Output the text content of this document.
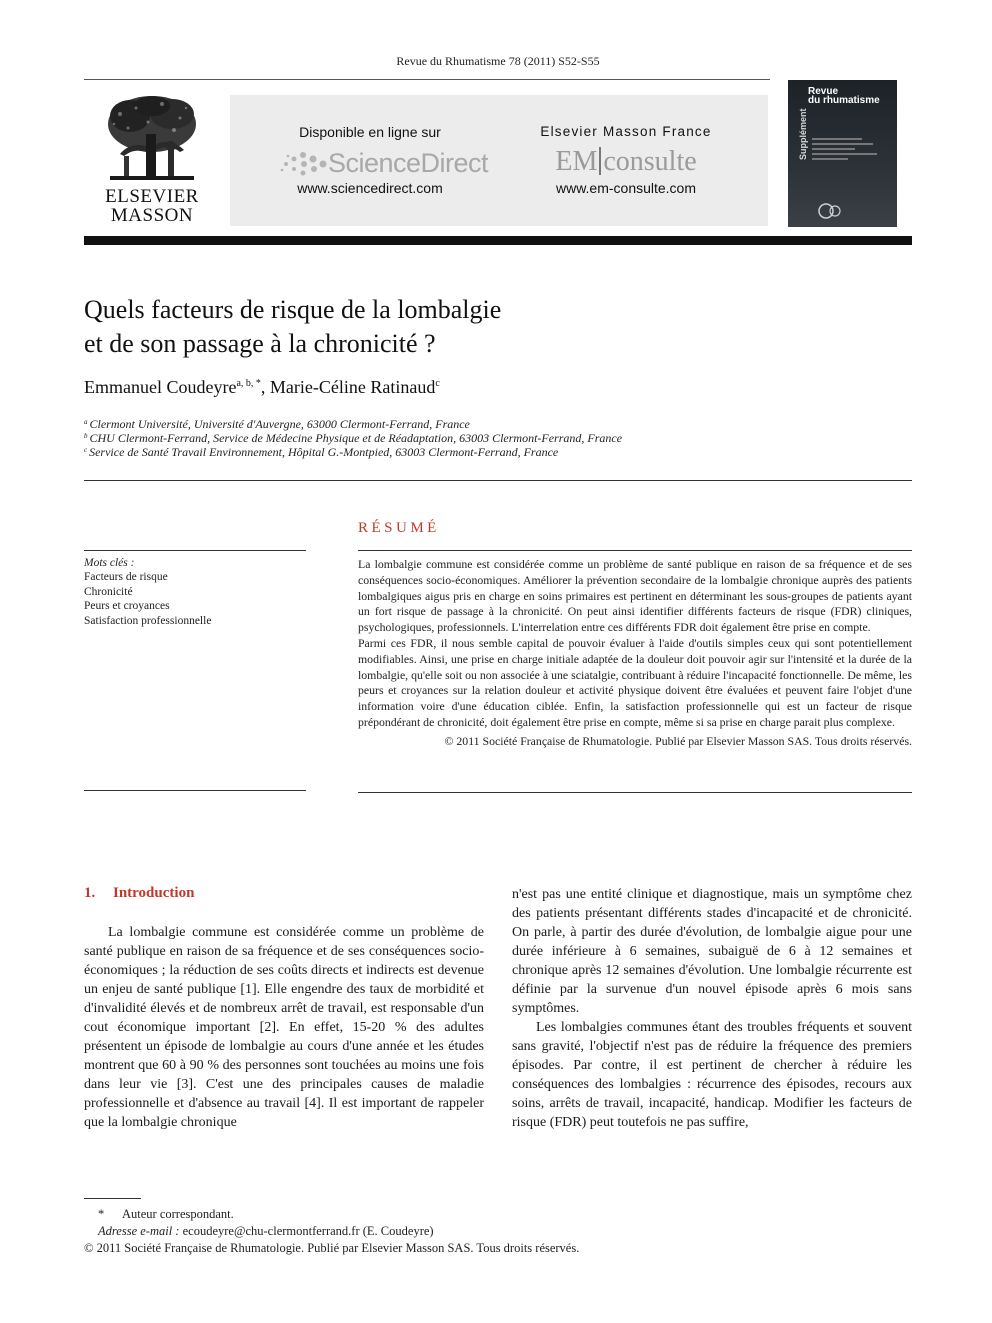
Revue du Rhumatisme 78 (2011) S52-S55
ELSEVIER
MASSON
Disponible en ligne sur
ScienceDirect
www.sciencedirect.com
Elsevier Masson France
EM consulte
www.em-consulte.com
Supplément
Revue
du rhumatisme
Quels facteurs de risque de la lombalgie
et de son passage à la chronicité ?
Emmanuel Coudeyre$^{a, b, *}$, Marie-Céline Ratinaud$^c$
$^a$ Clermont Université, Université d'Auvergne, 63000 Clermont-Ferrand, France
$^b$ CHU Clermont-Ferrand, Service de Médecine Physique et de Réadaptation, 63003 Clermont-Ferrand, France
$^c$ Service de Santé Travail Environnement, Hôpital G.-Montpied, 63003 Clermont-Ferrand, France
RÉSUMÉ
Mots clés :
Facteurs de risque
Chronicité
Peurs et croyances
Satisfaction professionnelle

La lombalgie commune est considérée comme un problème de santé publique en raison de sa fréquence et de ses conséquences socio-économiques. Améliorer la prévention secondaire de la lombalgie chronique auprès des patients lombalgiques aigus pris en charge en soins primaires est pertinent en déterminant les sous-groupes de patients ayant un fort risque de passage à la chronicité. On peut ainsi identifier différents facteurs de risque (FDR) cliniques, psychologiques, professionnels. L'interrelation entre ces différents FDR doit également être prise en compte.

Parmi ces FDR, il nous semble capital de pouvoir évaluer à l'aide d'outils simples ceux qui sont potentiellement modifiables. Ainsi, une prise en charge initiale adaptée de la douleur doit pouvoir agir sur l'intensité et la durée de la lombalgie, qu'elle soit ou non associée à une sciatalgie, contribuant à réduire l'incapacité fonctionnelle. De même, les peurs et croyances sur la relation douleur et activité physique doivent être évaluées et peuvent faire l'objet d'une information voire d'une éducation ciblée. Enfin, la satisfaction professionnelle qui est un facteur de risque prépondérant de chronicité, doit également être prise en compte, même si sa prise en charge parait plus complexe.

© 2011 Société Française de Rhumatologie. Publié par Elsevier Masson SAS. Tous droits réservés.

1. Introduction

La lombalgie commune est considérée comme un problème de santé publique en raison de sa fréquence et de ses conséquences socio-économiques ; la réduction de ses coûts directs et indirects est devenue un enjeu de santé publique [1]. Elle engendre des taux de morbidité et d'invalidité élevés et de nombreux arrêt de travail, est responsable d'un cout économique important [2]. En effet, 15-20 % des adultes présentent un épisode de lombalgie au cours d'une année et les études montrent que 60 à 90 % des personnes sont touchées au moins une fois dans leur vie [3]. C'est une des principales causes de maladie professionnelle et d'absence au travail [4]. Il est important de rappeler que la lombalgie chronique

n'est pas une entité clinique et diagnostique, mais un symptôme chez des patients présentant différents stades d'incapacité et de chronicité. On parle, à partir des durée d'évolution, de lombalgie aigue pour une durée inférieure à 6 semaines, subaiguë de 6 à 12 semaines et chronique après 12 semaines d'évolution. Une lombalgie récurrente est définie par la survenue d'un nouvel épisode après 6 mois sans symptômes.

Les lombalgies communes étant des troubles fréquents et souvent sans gravité, l'objectif n'est pas de réduire la fréquence des premiers épisodes. Par contre, il est pertinent de chercher à réduire les conséquences des lombalgies : récurrence des épisodes, recours aux soins, arrêts de travail, incapacité, handicap. Modifier les facteurs de risque (FDR) peut toutefois ne pas suffire,

* Auteur correspondant.
Adresse e-mail : ecoudeyre@chu-clermontferrand.fr (E. Coudeyre)
© 2011 Société Française de Rhumatologie. Publié par Elsevier Masson SAS. Tous droits réservés.
